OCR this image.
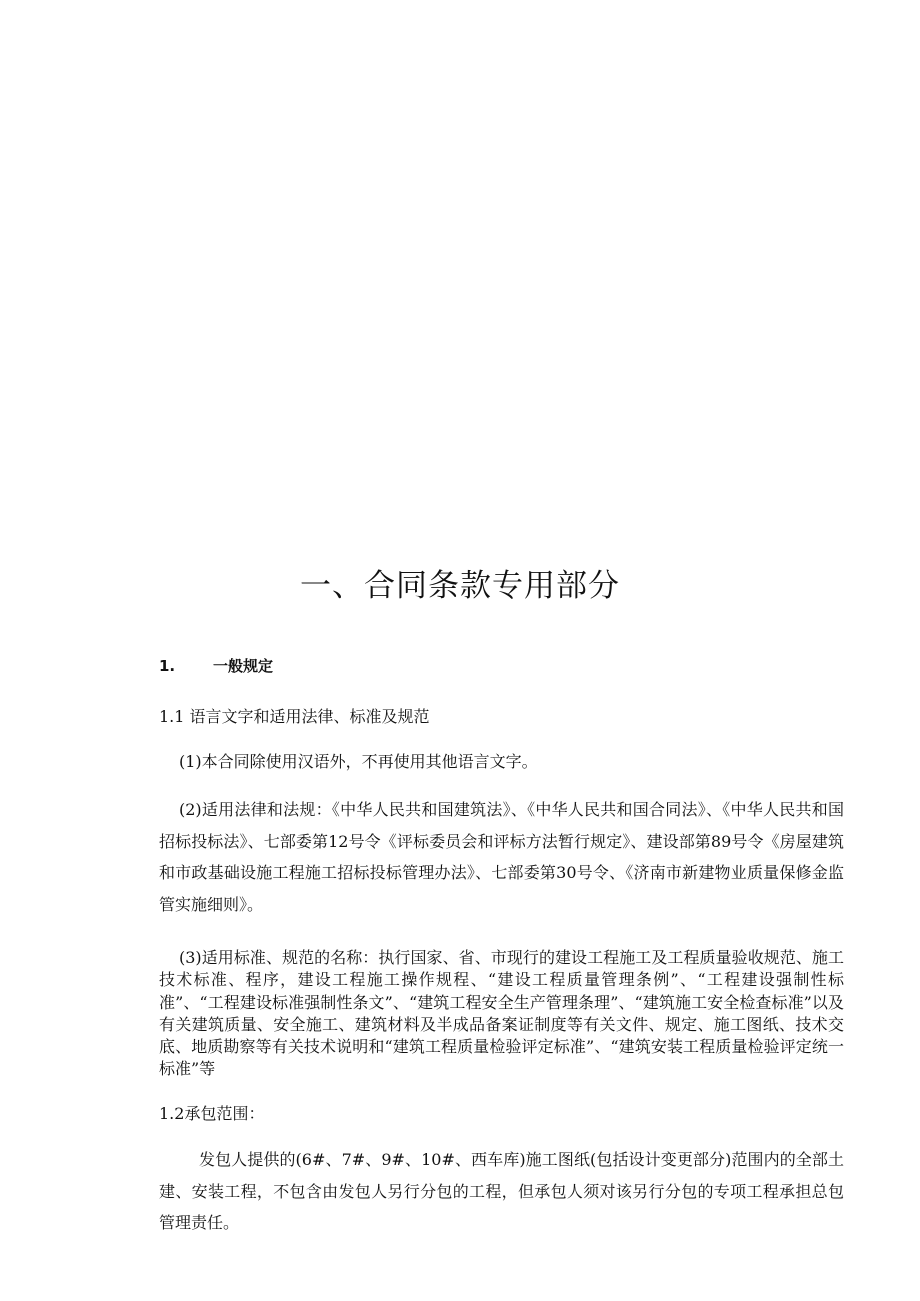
一、合同条款专用部分
1.	一般规定
1.1 语言文字和适用法律、标准及规范
(1)本合同除使用汉语外，不再使用其他语言文字。
(2)适用法律和法规：《中华人民共和国建筑法》、《中华人民共和国合同法》、《中华人民共和国招标投标法》、七部委第12号令《评标委员会和评标方法暂行规定》、建设部第89号令《房屋建筑和市政基础设施工程施工招标投标管理办法》、七部委第30号令、《济南市新建物业质量保修金监管实施细则》。
(3)适用标准、规范的名称：执行国家、省、市现行的建设工程施工及工程质量验收规范、施工技术标准、程序，建设工程施工操作规程、“建设工程质量管理条例”、“工程建设强制性标准”、“工程建设标准强制性条文”、“建筑工程安全生产管理条理”、“建筑施工安全检查标准”以及有关建筑质量、安全施工、建筑材料及半成品备案证制度等有关文件、规定、施工图纸、技术交底、地质勘察等有关技术说明和“建筑工程质量检验评定标准”、“建筑安装工程质量检验评定统一标准”等
1.2承包范围：
发包人提供的(6#、7#、9#、10#、西车库)施工图纸(包括设计变更部分)范围内的全部土建、安装工程，不包含由发包人另行分包的工程，但承包人须对该另行分包的专项工程承担总包管理责任。
